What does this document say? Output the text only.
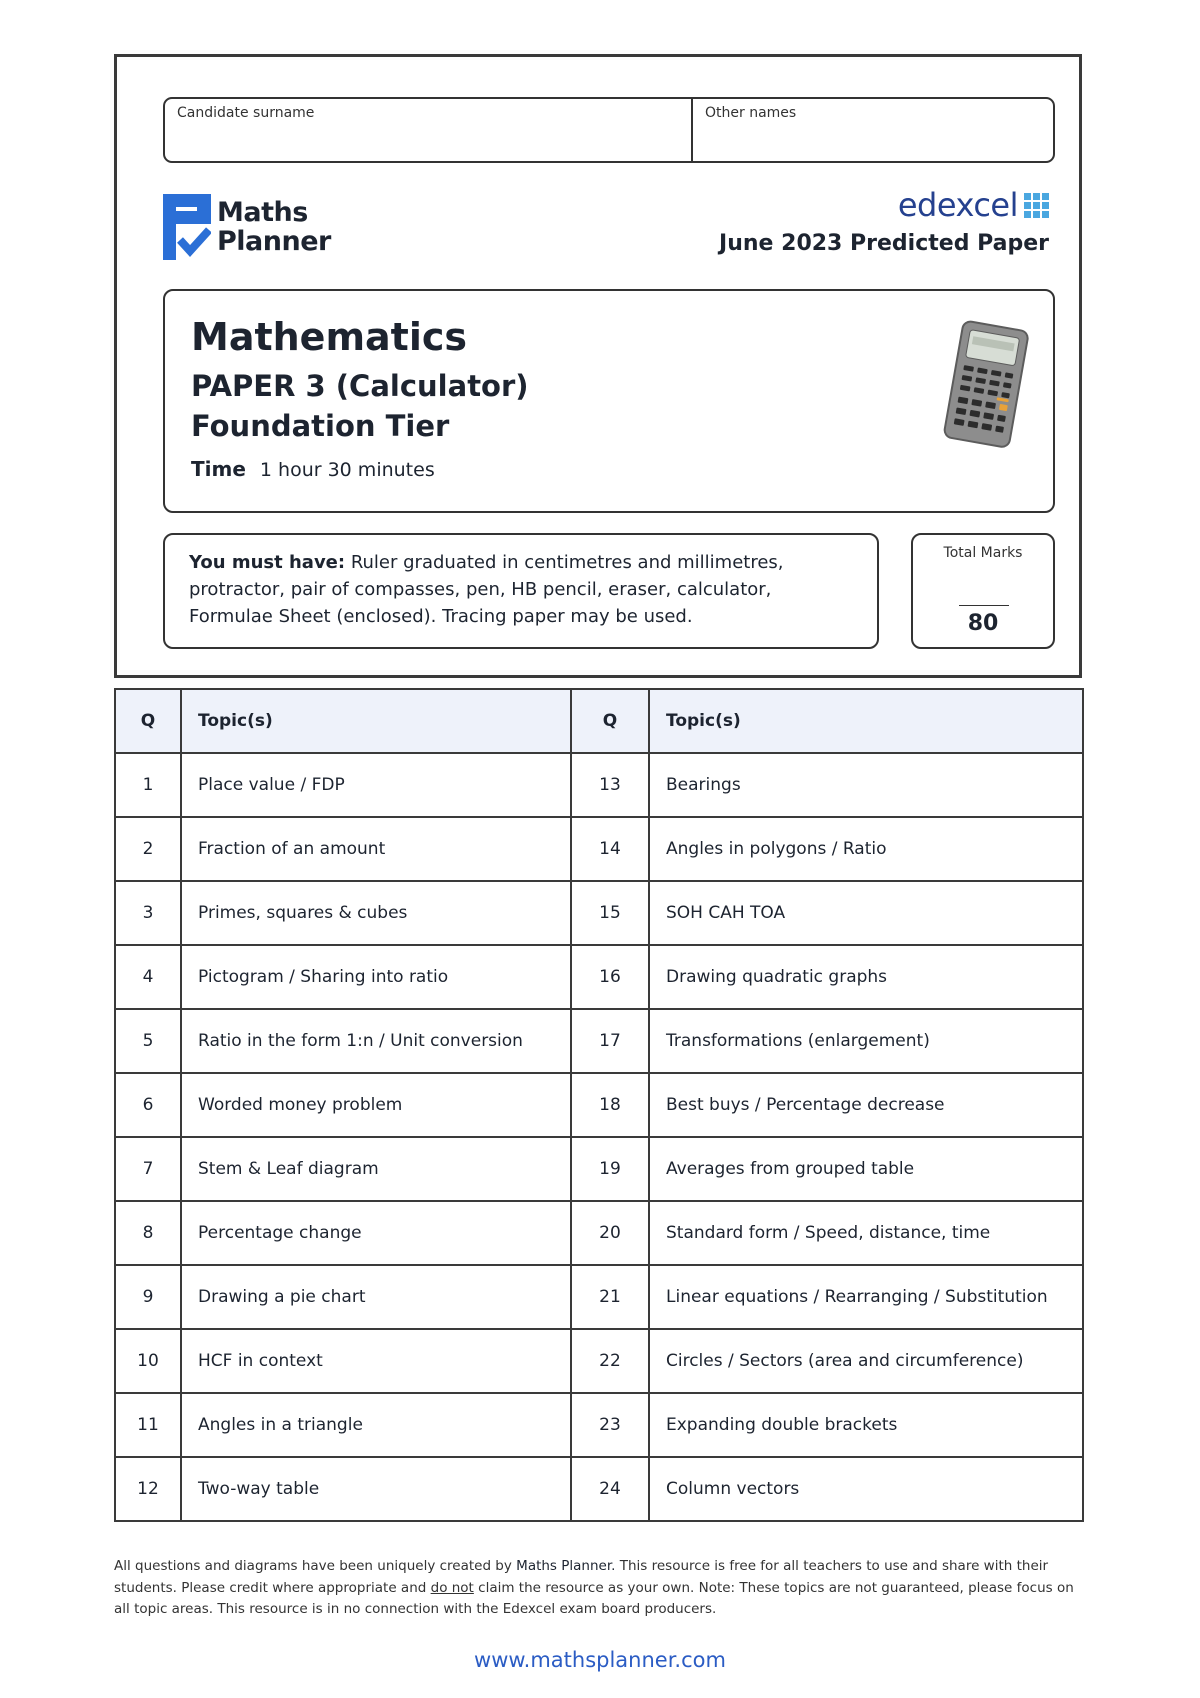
Candidate surname	Other names
Maths
Planner
edexcel
June 2023 Predicted Paper
Mathematics
PAPER 3 (Calculator)
Foundation Tier
Time 1 hour 30 minutes
You must have: Ruler graduated in centimetres and millimetres, protractor, pair of compasses, pen, HB pencil, eraser, calculator, Formulae Sheet (enclosed). Tracing paper may be used.
Total Marks
80
Q	Topic(s)	Q	Topic(s)
1	Place value / FDP	13	Bearings
2	Fraction of an amount	14	Angles in polygons / Ratio
3	Primes, squares & cubes	15	SOH CAH TOA
4	Pictogram / Sharing into ratio	16	Drawing quadratic graphs
5	Ratio in the form 1:n / Unit conversion	17	Transformations (enlargement)
6	Worded money problem	18	Best buys / Percentage decrease
7	Stem & Leaf diagram	19	Averages from grouped table
8	Percentage change	20	Standard form / Speed, distance, time
9	Drawing a pie chart	21	Linear equations / Rearranging / Substitution
10	HCF in context	22	Circles / Sectors (area and circumference)
11	Angles in a triangle	23	Expanding double brackets
12	Two-way table	24	Column vectors
All questions and diagrams have been uniquely created by Maths Planner. This resource is free for all teachers to use and share with their students. Please credit where appropriate and do not claim the resource as your own. Note: These topics are not guaranteed, please focus on all topic areas. This resource is in no connection with the Edexcel exam board producers.
www.mathsplanner.com
